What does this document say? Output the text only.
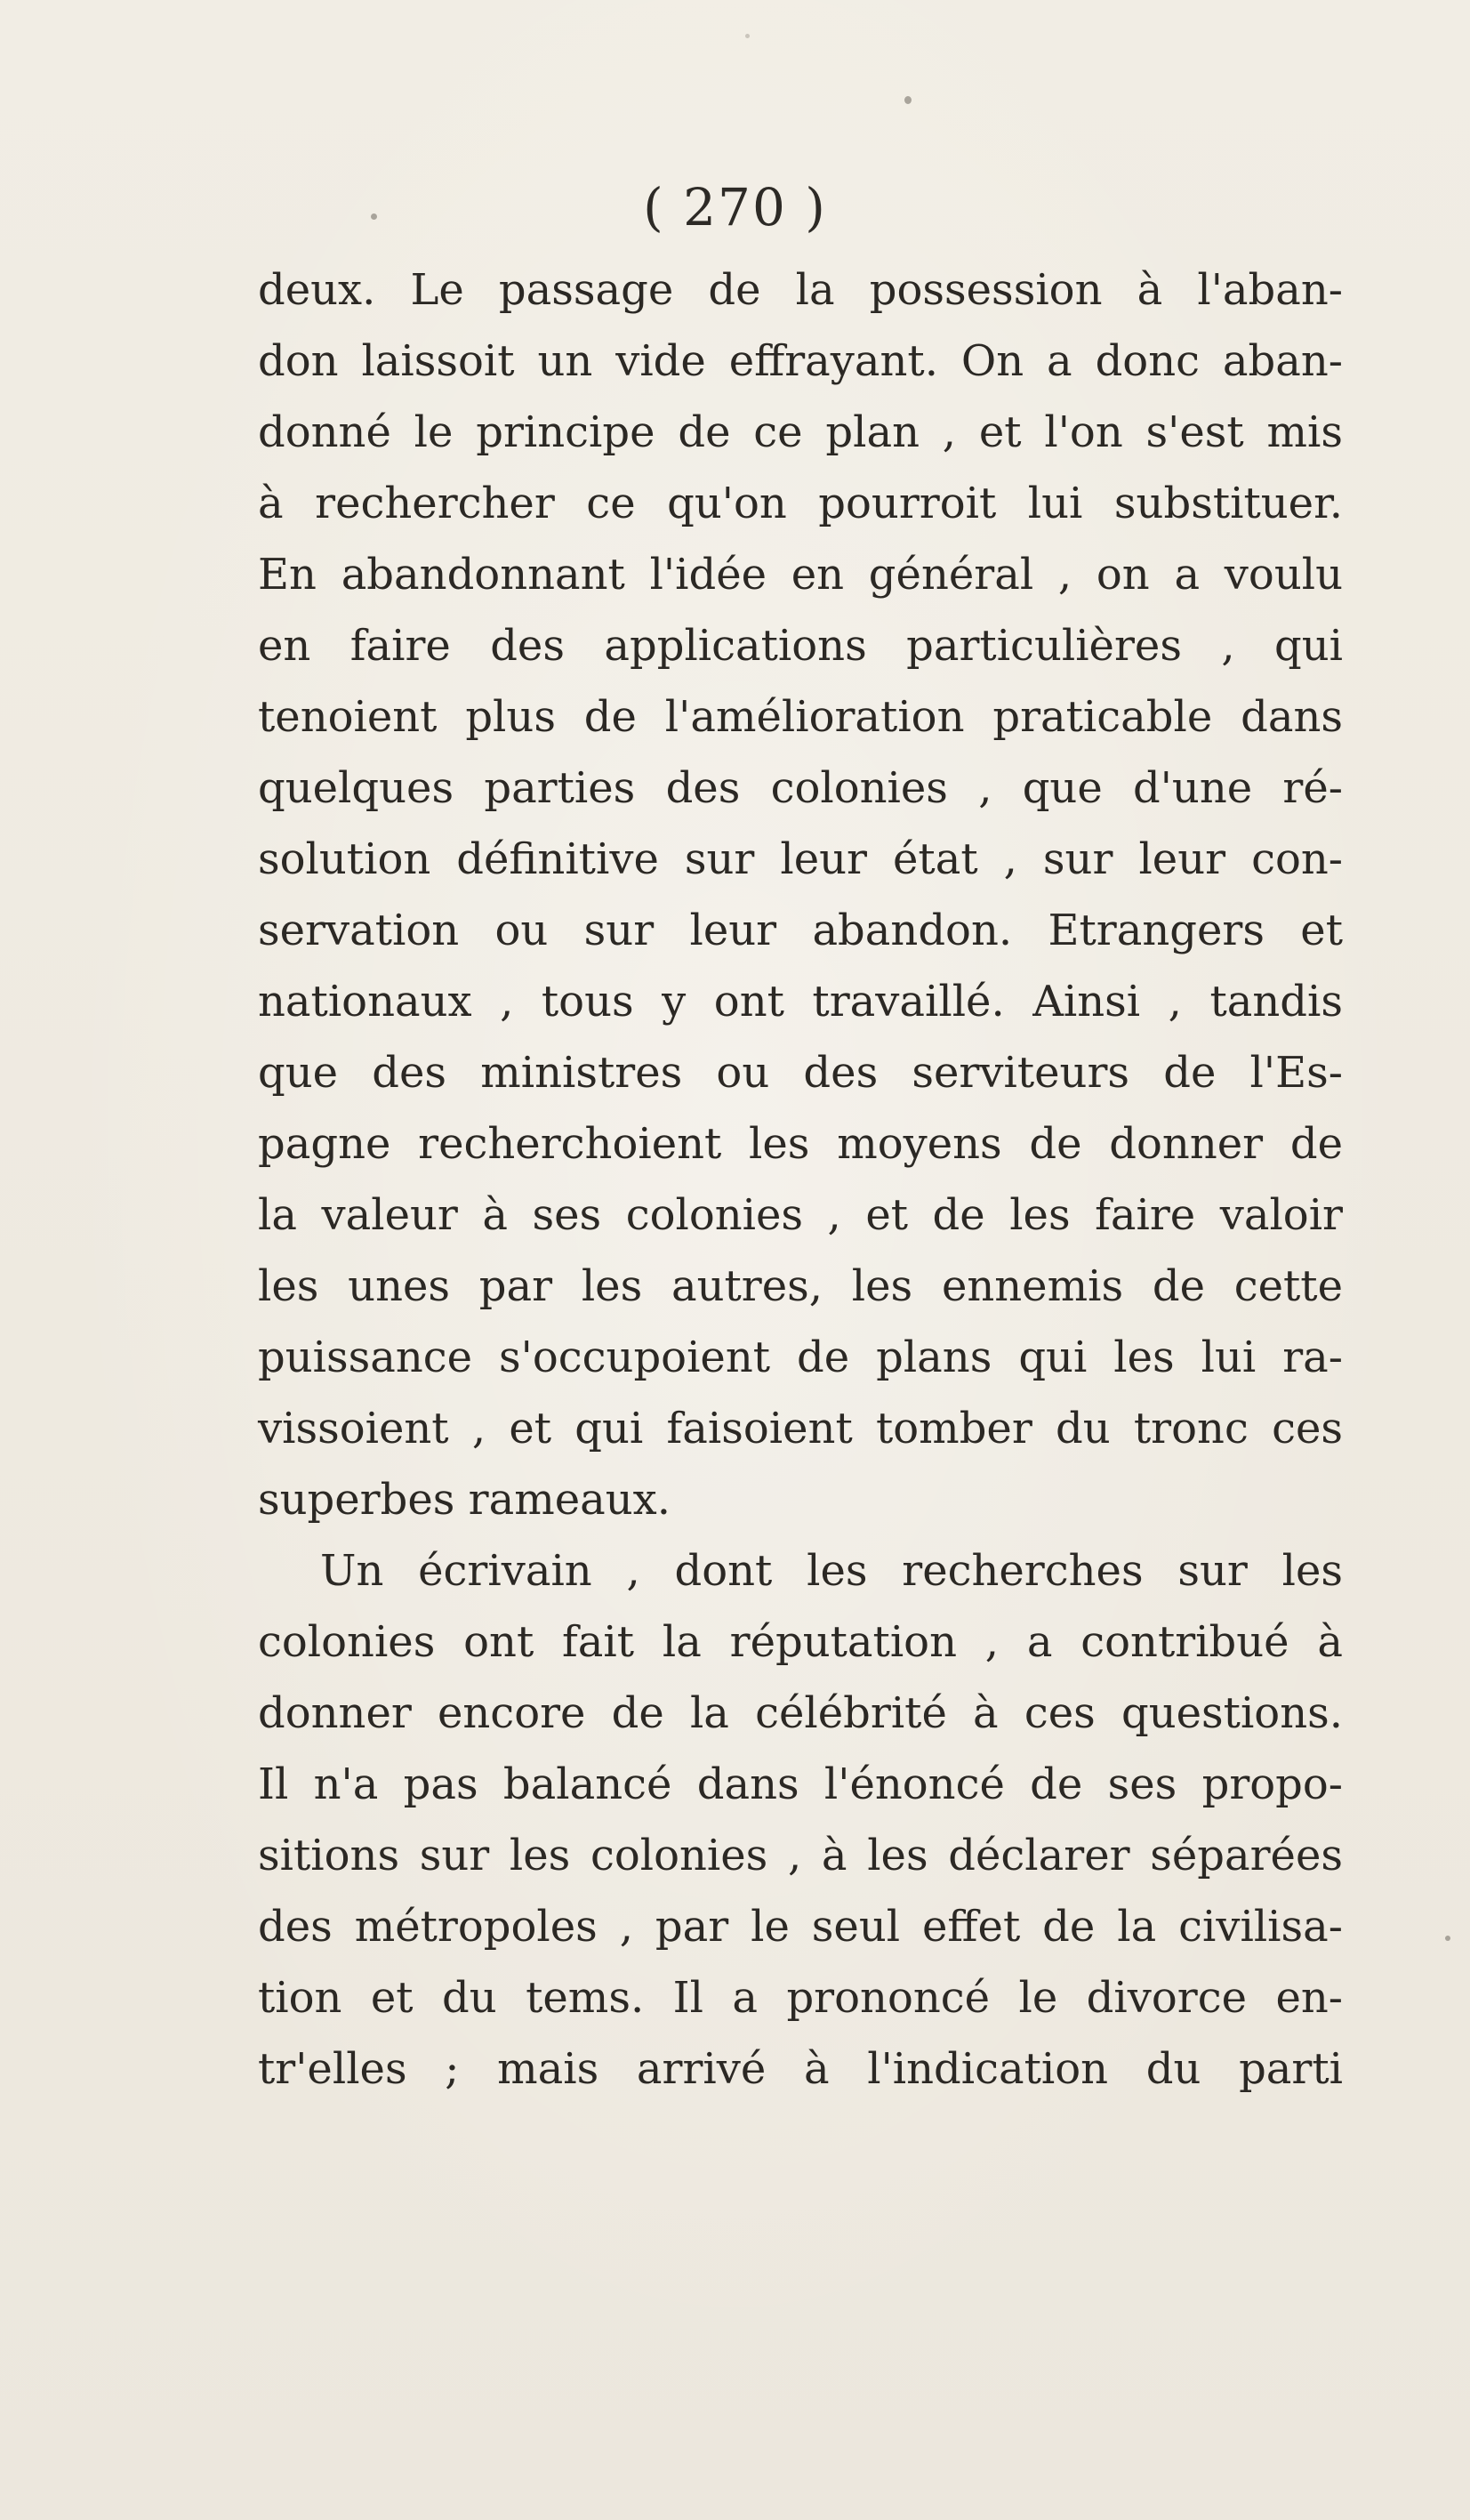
( 270 )
deux. Le passage de la possession à l'aban-
don laissoit un vide effrayant. On a donc aban-
donné le principe de ce plan , et l'on s'est mis
à rechercher ce qu'on pourroit lui substituer.
En abandonnant l'idée en général , on a voulu
en faire des applications particulières , qui
tenoient plus de l'amélioration praticable dans
quelques parties des colonies , que d'une ré-
solution définitive sur leur état , sur leur con-
servation ou sur leur abandon. Etrangers et
nationaux , tous y ont travaillé. Ainsi , tandis
que des ministres ou des serviteurs de l'Es-
pagne recherchoient les moyens de donner de
la valeur à ses colonies , et de les faire valoir
les unes par les autres, les ennemis de cette
puissance s'occupoient de plans qui les lui ra-
vissoient , et qui faisoient tomber du tronc ces
superbes rameaux.
Un écrivain , dont les recherches sur les
colonies ont fait la réputation , a contribué à
donner encore de la célébrité à ces questions.
Il n'a pas balancé dans l'énoncé de ses propo-
sitions sur les colonies , à les déclarer séparées
des métropoles , par le seul effet de la civilisa-
tion et du tems. Il a prononcé le divorce en-
tr'elles ; mais arrivé à l'indication du parti
